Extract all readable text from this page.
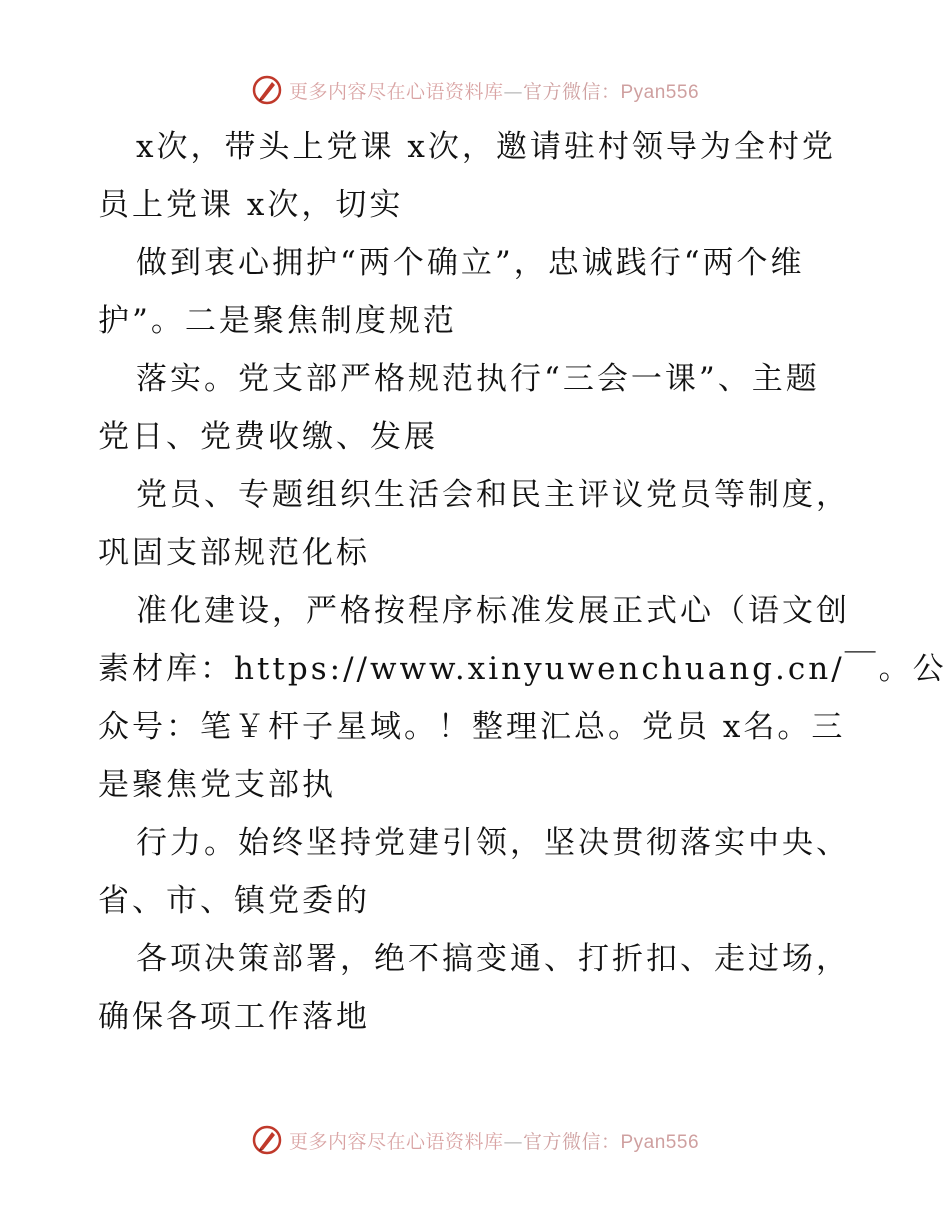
更多内容尽在心语资料库—官方微信：Pyan556
x次，带头上党课 x次，邀请驻村领导为全村党
员上党课 x次，切实
做到衷心拥护“两个确立”，忠诚践行“两个维
护”。二是聚焦制度规范
落实。党支部严格规范执行“三会一课”、主题
党日、党费收缴、发展
党员、专题组织生活会和民主评议党员等制度，
巩固支部规范化标
准化建设，严格按程序标准发展正式心（语文创
素材库：https://www.xinyuwenchuang.cn/￣。公
众号：笔￥杆子星域。！整理汇总。党员 x名。三
是聚焦党支部执
行力。始终坚持党建引领，坚决贯彻落实中央、
省、市、镇党委的
各项决策部署，绝不搞变通、打折扣、走过场，
确保各项工作落地
更多内容尽在心语资料库—官方微信：Pyan556
